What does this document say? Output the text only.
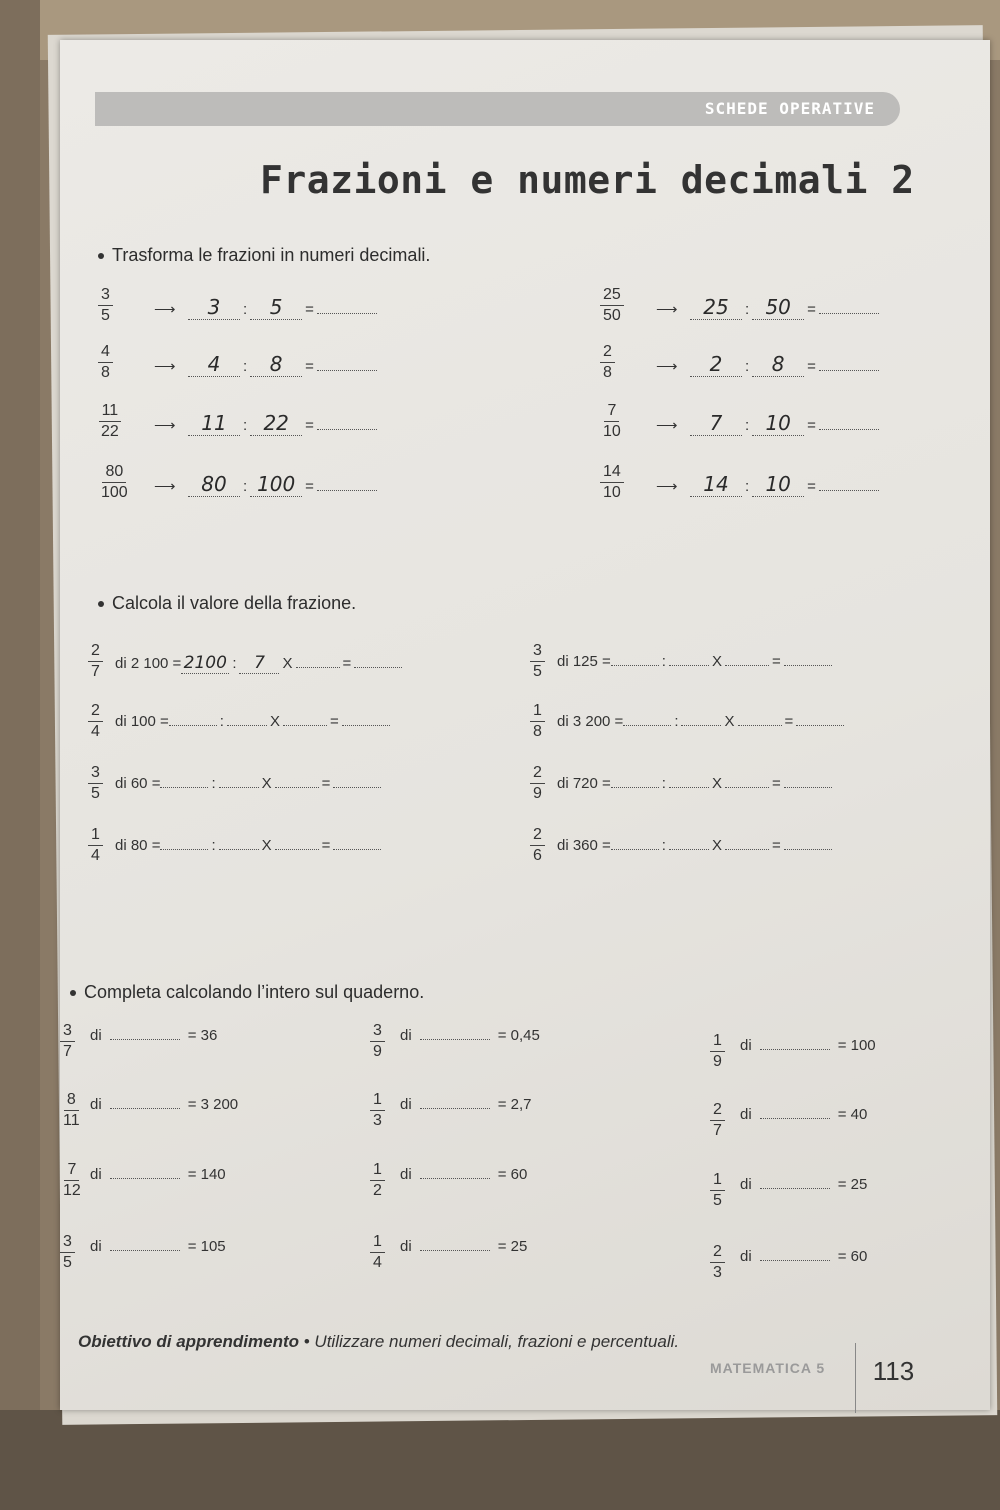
SCHEDE OPERATIVE
Frazioni e numeri decimali 2
Trasforma le frazioni in numeri decimali.
$\frac{3}{5}$	⟶ 3 : 5 =
$\frac{4}{8}$	⟶ 4 : 8 =
$\frac{11}{22}$ ⟶ 11 : 22 =
$\frac{80}{100}$ ⟶ 80 : 100 =
$\frac{25}{50}$ ⟶ 25 : 50 =
$\frac{2}{8}$	⟶ 2 : 8 =
$\frac{7}{10}$ ⟶ 7 : 10 =
$\frac{14}{10}$ ⟶ 14 : 10 =
Calcola il valore della frazione.
$\frac{2}{7}$ di 2 100 = 2100 : 7 X	=
$\frac{2}{4}$ di 100 =	:	X	=
$\frac{3}{5}$ di 60 =	:	X	=
$\frac{1}{4}$ di 80 =	:	X	=
$\frac{3}{5}$ di 125 =	:	X	=
$\frac{1}{8}$ di 3 200 =	:	X	=
$\frac{2}{9}$ di 720 =	:	X	=
$\frac{2}{6}$ di 360 =	:	X	=
Completa calcolando l’intero sul quaderno.
$\frac{3}{7}$ di	= 36
$\frac{8}{11}$ di	= 3 200
$\frac{7}{12}$ di	= 140
$\frac{3}{5}$ di	= 105
$\frac{3}{9}$ di	= 0,45
$\frac{1}{3}$ di	= 2,7
$\frac{1}{2}$ di	= 60
$\frac{1}{4}$ di	= 25
$\frac{1}{9}$ di	= 100
$\frac{2}{7}$ di	= 40
$\frac{1}{5}$ di	= 25
$\frac{2}{3}$ di	= 60
Obiettivo di apprendimento • Utilizzare numeri decimali, frazioni e percentuali.
MATEMATICA 5	113
